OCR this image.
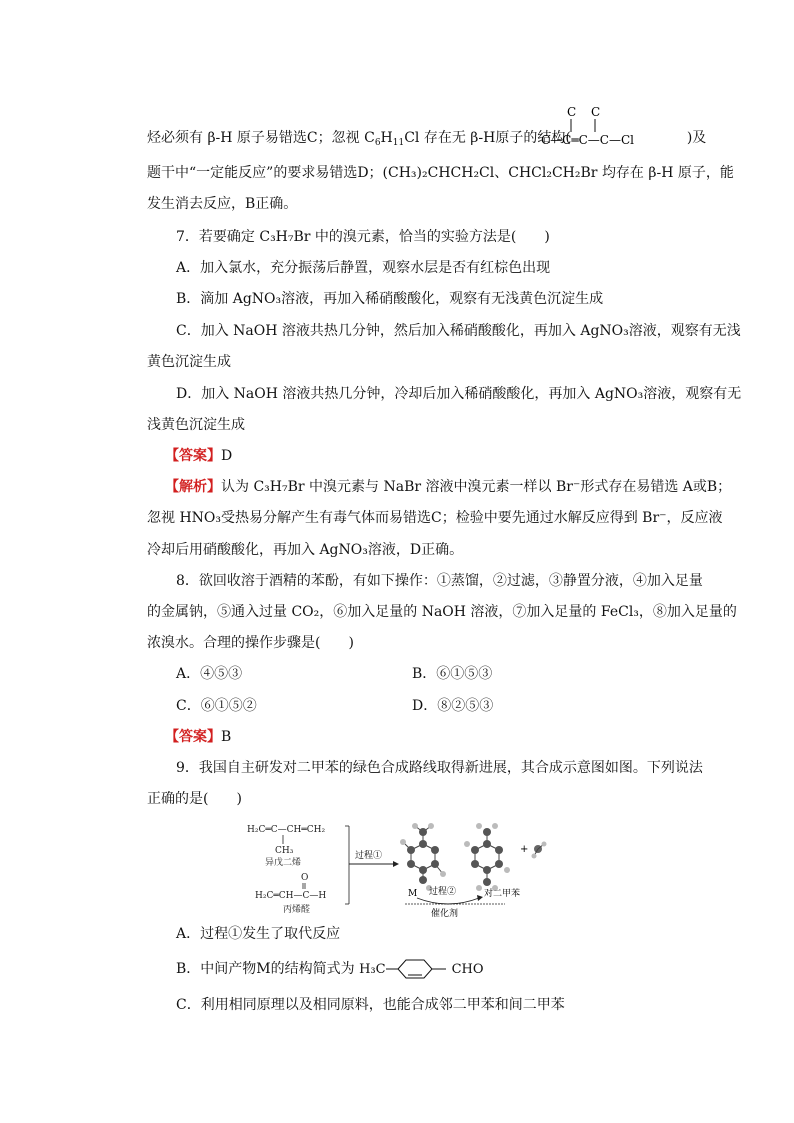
烃必须有 β-H 原子易错选C；忽视 $C_6H_{11}Cl$ 存在无 β-H原子的结构(	)及
C C
C—C═C—C—Cl
题干中“一定能反应”的要求易错选D；(CH₃)₂CHCH₂Cl、CHCl₂CH₂Br 均存在 β-H 原子，能
发生消去反应，B正确。
7．若要确定 C₃H₇Br 中的溴元素，恰当的实验方法是(　　)
A．加入氯水，充分振荡后静置，观察水层是否有红棕色出现
B．滴加 AgNO₃溶液，再加入稀硝酸酸化，观察有无浅黄色沉淀生成
C．加入 NaOH 溶液共热几分钟，然后加入稀硝酸酸化，再加入 AgNO₃溶液，观察有无浅
黄色沉淀生成
D．加入 NaOH 溶液共热几分钟，冷却后加入稀硝酸酸化，再加入 AgNO₃溶液，观察有无
浅黄色沉淀生成
【答案】D
【解析】认为 C₃H₇Br 中溴元素与 NaBr 溶液中溴元素一样以 Br⁻形式存在易错选 A或B；
忽视 HNO₃受热易分解产生有毒气体而易错选C；检验中要先通过水解反应得到 Br⁻，反应液
冷却后用硝酸酸化，再加入 AgNO₃溶液，D正确。
8．欲回收溶于酒精的苯酚，有如下操作：①蒸馏，②过滤，③静置分液，④加入足量
的金属钠，⑤通入过量 CO₂，⑥加入足量的 NaOH 溶液，⑦加入足量的 FeCl₃，⑧加入足量的
浓溴水。合理的操作步骤是(　　)
A．④⑤③	B．⑥①⑤③
C．⑥①⑤②	D．⑧②⑤③
【答案】B
9．我国自主研发对二甲苯的绿色合成路线取得新进展，其合成示意图如图。下列说法
正确的是(　　)
H₂C═C—CH═CH₂
CH₃
异戊二烯
O
H₂C═CH—C—H
丙烯醛
过程①
+
M 过程②	对二甲苯
催化剂
A．过程①发生了取代反应
B．中间产物M的结构简式为 H₃C	CHO
C．利用相同原理以及相同原料，也能合成邻二甲苯和间二甲苯
